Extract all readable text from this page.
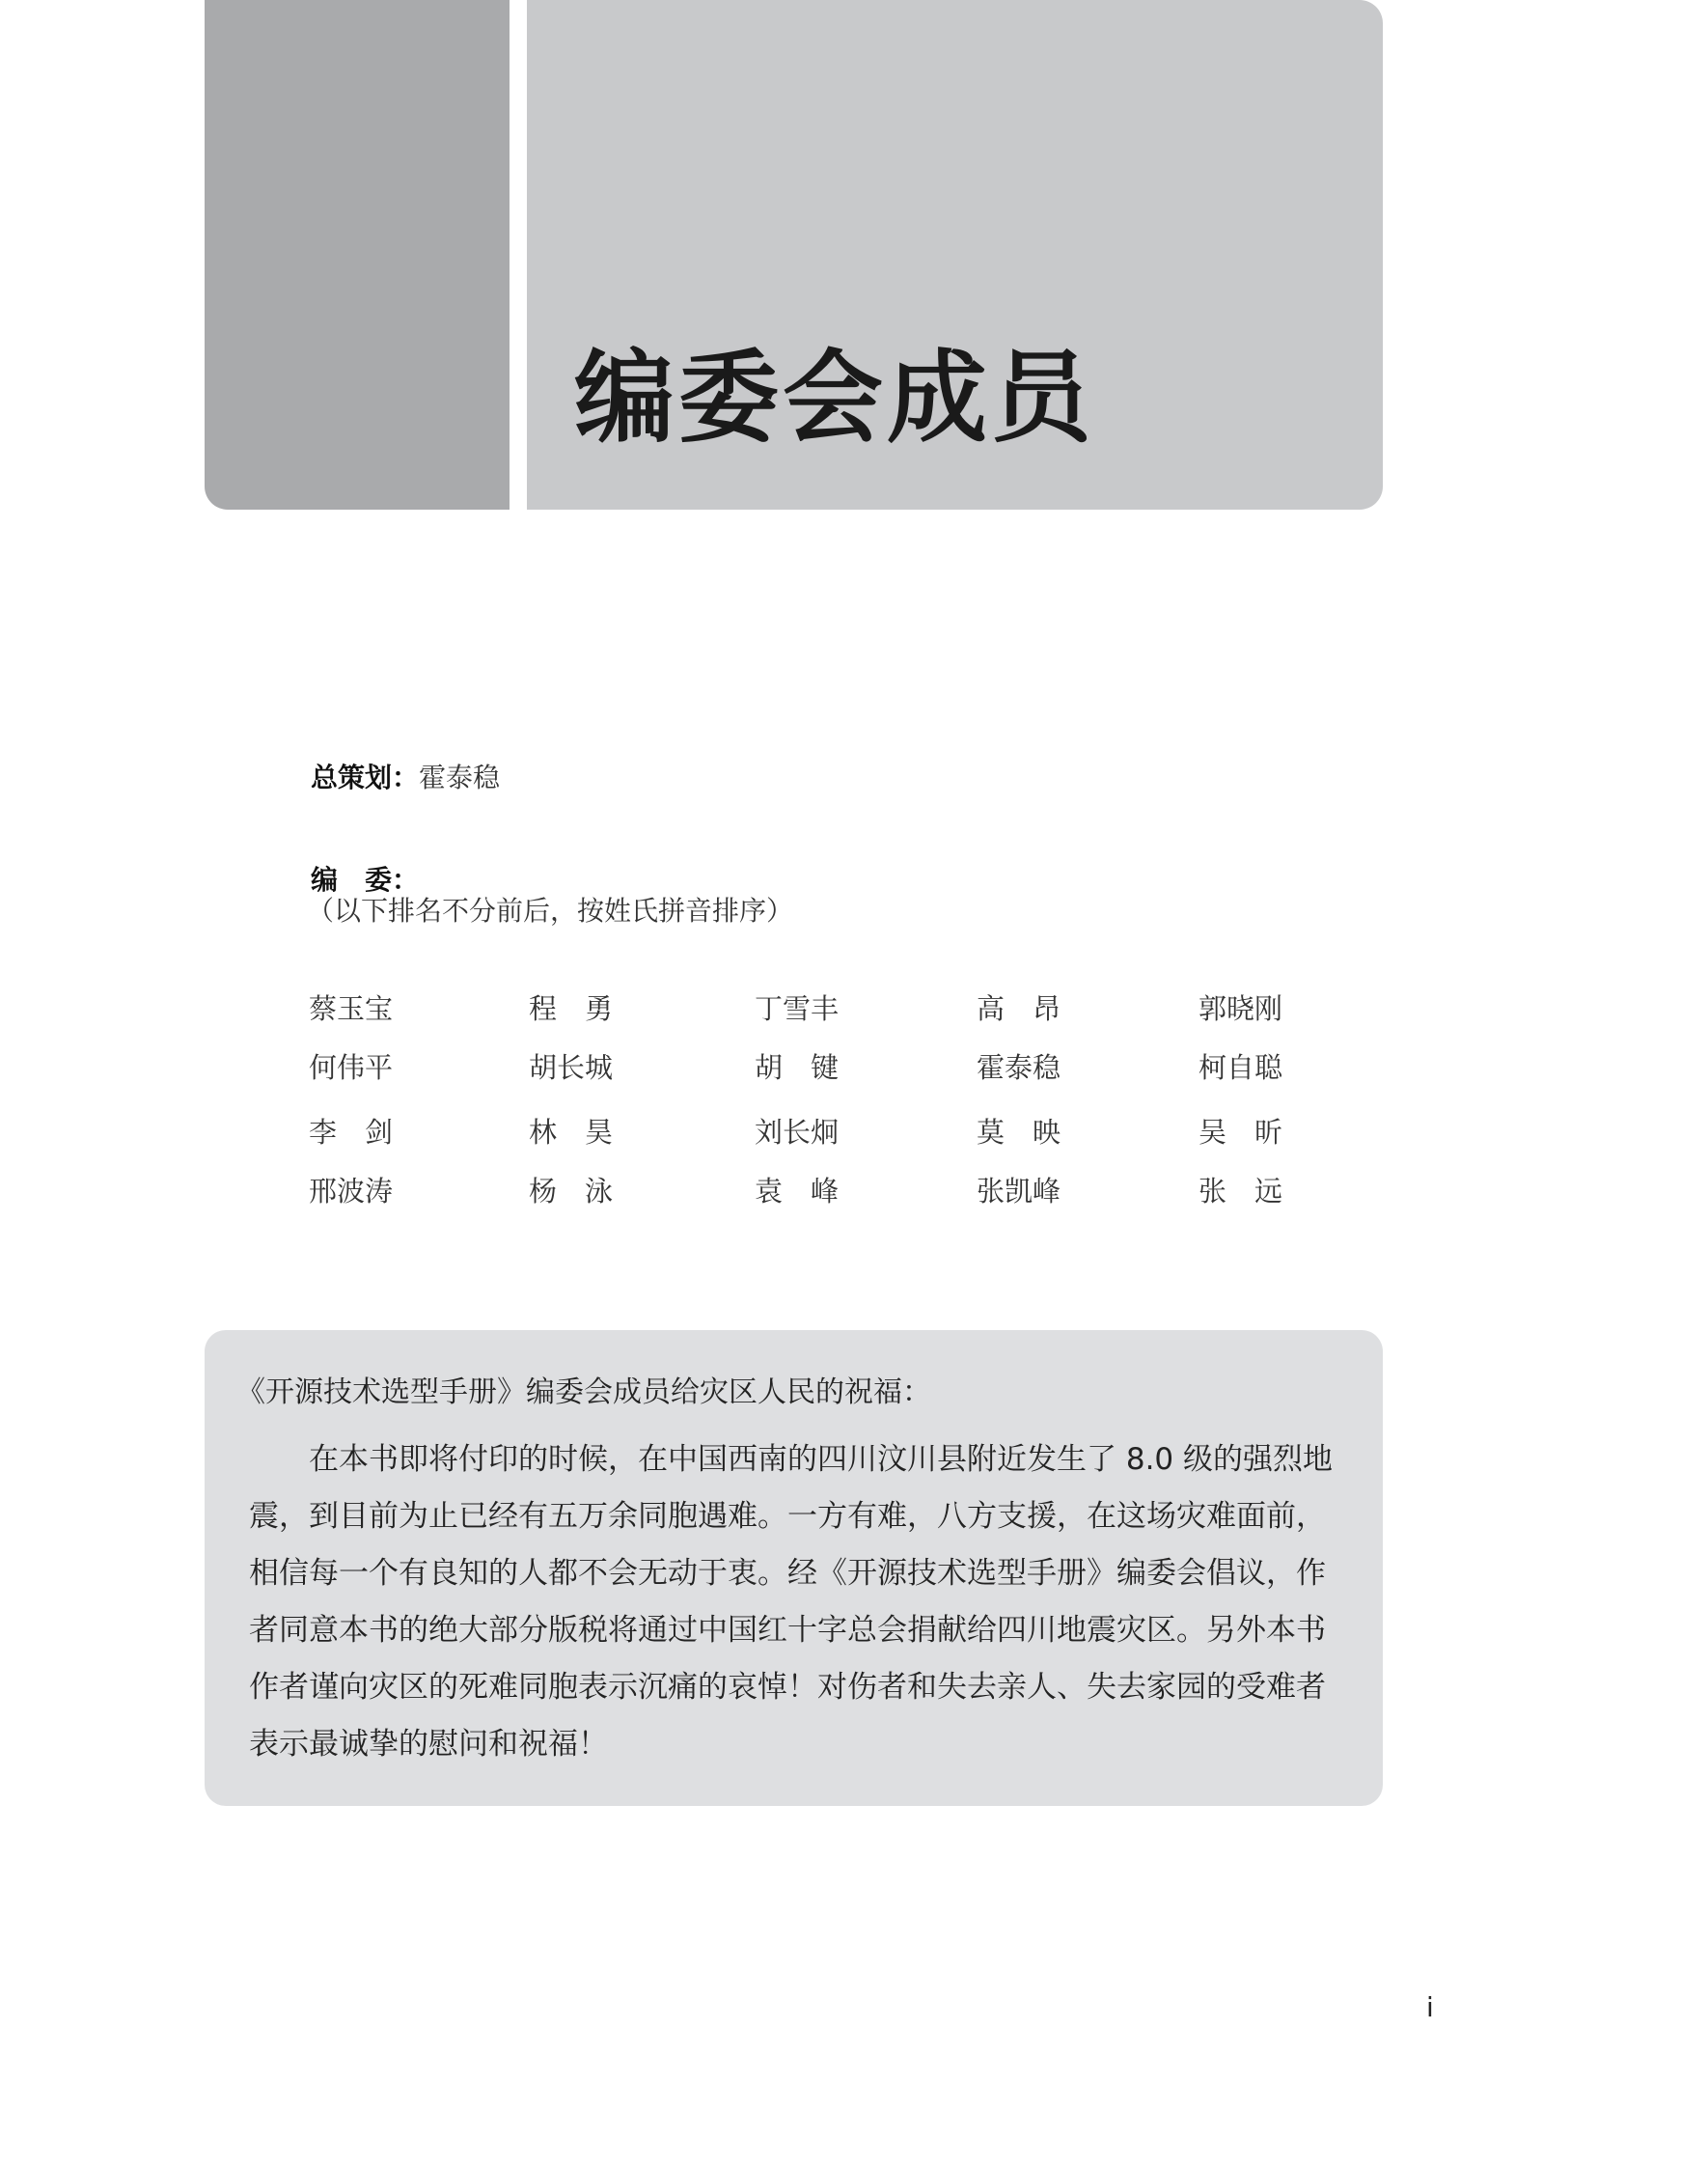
编委会成员
总策划：霍泰稳
编　委：
（以下排名不分前后，按姓氏拼音排序）
蔡玉宝	程　勇	丁雪丰	高　昂	郭晓刚
何伟平	胡长城	胡　键	霍泰稳	柯自聪
李　剑	林　昊	刘长炯	莫　映	吴　昕
邢波涛	杨　泳	袁　峰	张凯峰	张　远
《开源技术选型手册》编委会成员给灾区人民的祝福：
　　在本书即将付印的时候，在中国西南的四川汶川县附近发生了 8.0 级的强烈地
震，到目前为止已经有五万余同胞遇难。一方有难，八方支援，在这场灾难面前，
相信每一个有良知的人都不会无动于衷。经《开源技术选型手册》编委会倡议，作
者同意本书的绝大部分版税将通过中国红十字总会捐献给四川地震灾区。另外本书
作者谨向灾区的死难同胞表示沉痛的哀悼！对伤者和失去亲人、失去家园的受难者
表示最诚挚的慰问和祝福！
i
